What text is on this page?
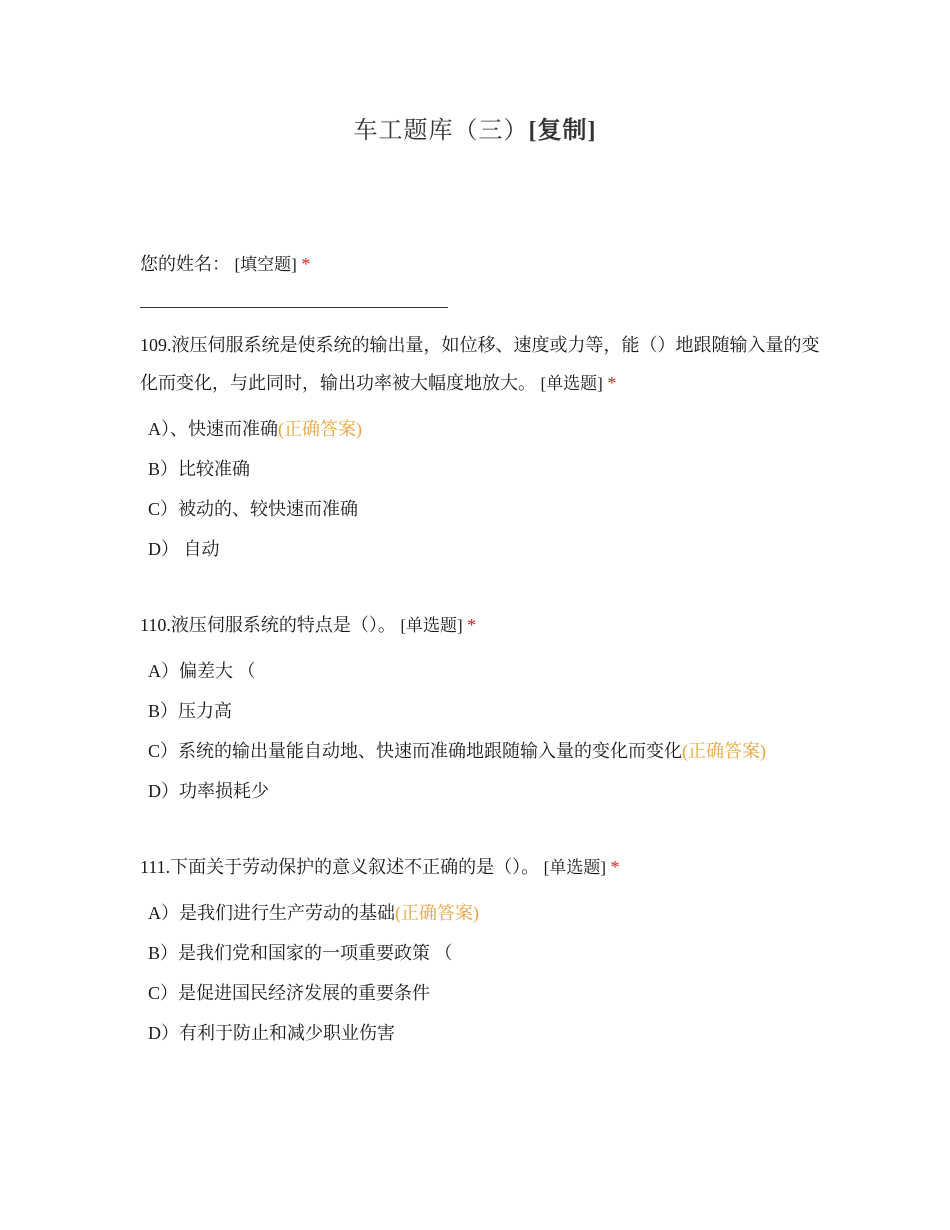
车工题库（三）[复制]
您的姓名： [填空题] *
109.液压伺服系统是使系统的输出量，如位移、速度或力等，能（）地跟随输入量的变化而变化，与此同时，输出功率被大幅度地放大。 [单选题] *
A）、快速而准确(正确答案)
B）比较准确
C）被动的、较快速而准确
D） 自动
110.液压伺服系统的特点是（）。 [单选题] *
A）偏差大 （
B）压力高
C）系统的输出量能自动地、快速而准确地跟随输入量的变化而变化(正确答案)
D）功率损耗少
111.下面关于劳动保护的意义叙述不正确的是（）。 [单选题] *
A）是我们进行生产劳动的基础(正确答案)
B）是我们党和国家的一项重要政策 （
C）是促进国民经济发展的重要条件
D）有利于防止和减少职业伤害
